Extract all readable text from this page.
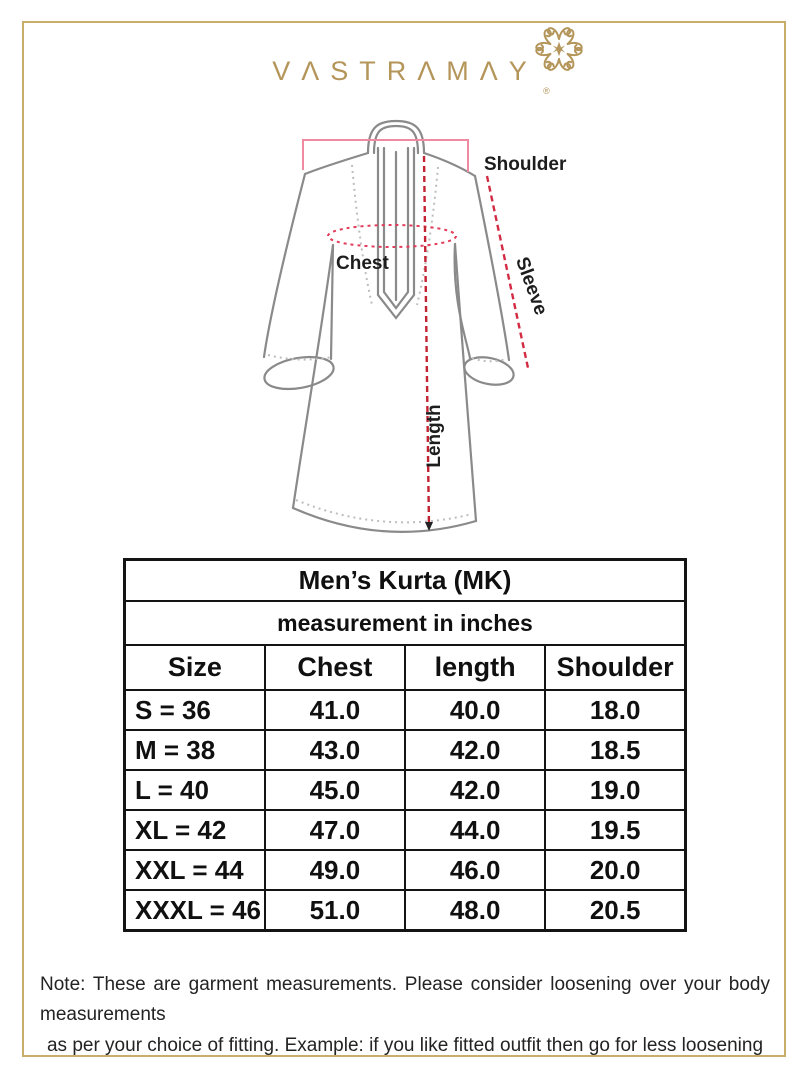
VΛSTRΛMΛY
®
Shoulder
Chest	Sleeve
Length
Men’s Kurta (MK)			
measurement in inches			
Size	Chest	length	Shoulder
S = 36	41.0	40.0	18.0
M = 38	43.0	42.0	18.5
L = 40	45.0	42.0	19.0
XL = 42	47.0	44.0	19.5
XXL = 44	49.0	46.0	20.0
XXXL = 46	51.0	48.0	20.5
Note: These are garment measurements. Please consider loosening over your body measurements
as per your choice of fitting. Example: if you like fitted outfit then go for less loosening
